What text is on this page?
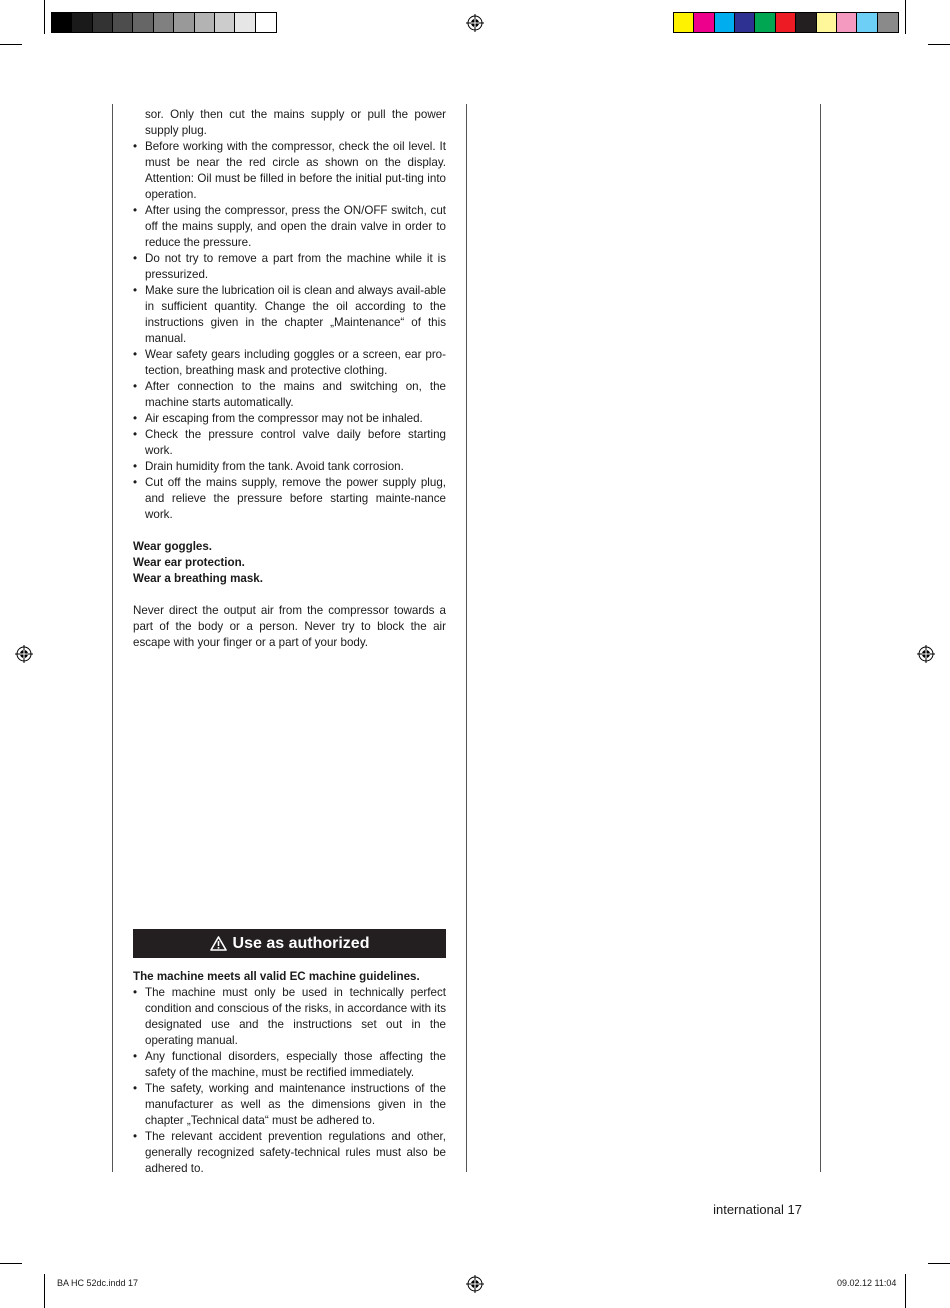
sor. Only then cut the mains supply or pull the power supply plug.
• Before working with the compressor, check the oil level. It must be near the red circle as shown on the display. Attention: Oil must be filled in before the initial put-ting into operation.
• After using the compressor, press the ON/OFF switch, cut off the mains supply, and open the drain valve in order to reduce the pressure.
• Do not try to remove a part from the machine while it is pressurized.
• Make sure the lubrication oil is clean and always avail-able in sufficient quantity. Change the oil according to the instructions given in the chapter „Maintenance“ of this manual.
• Wear safety gears including goggles or a screen, ear pro-tection, breathing mask and protective clothing.
• After connection to the mains and switching on, the machine starts automatically.
• Air escaping from the compressor may not be inhaled.
• Check the pressure control valve daily before starting work.
• Drain humidity from the tank. Avoid tank corrosion.
• Cut off the mains supply, remove the power supply plug, and relieve the pressure before starting mainte-nance work.
Wear goggles.
Wear ear protection.
Wear a breathing mask.

Never direct the output air from the compressor towards a part of the body or a person. Never try to block the air escape with your finger or a part of your body.

Use as authorized
The machine meets all valid EC machine guidelines.
• The machine must only be used in technically perfect condition and conscious of the risks, in accordance with its designated use and the instructions set out in the operating manual.
• Any functional disorders, especially those affecting the safety of the machine, must be rectified immediately.
• The safety, working and maintenance instructions of the manufacturer as well as the dimensions given in the chapter „Technical data“ must be adhered to.
• The relevant accident prevention regulations and other, generally recognized safety-technical rules must also be adhered to.
international 17
BA HC 52dc.indd 17	09.02.12 11:04
